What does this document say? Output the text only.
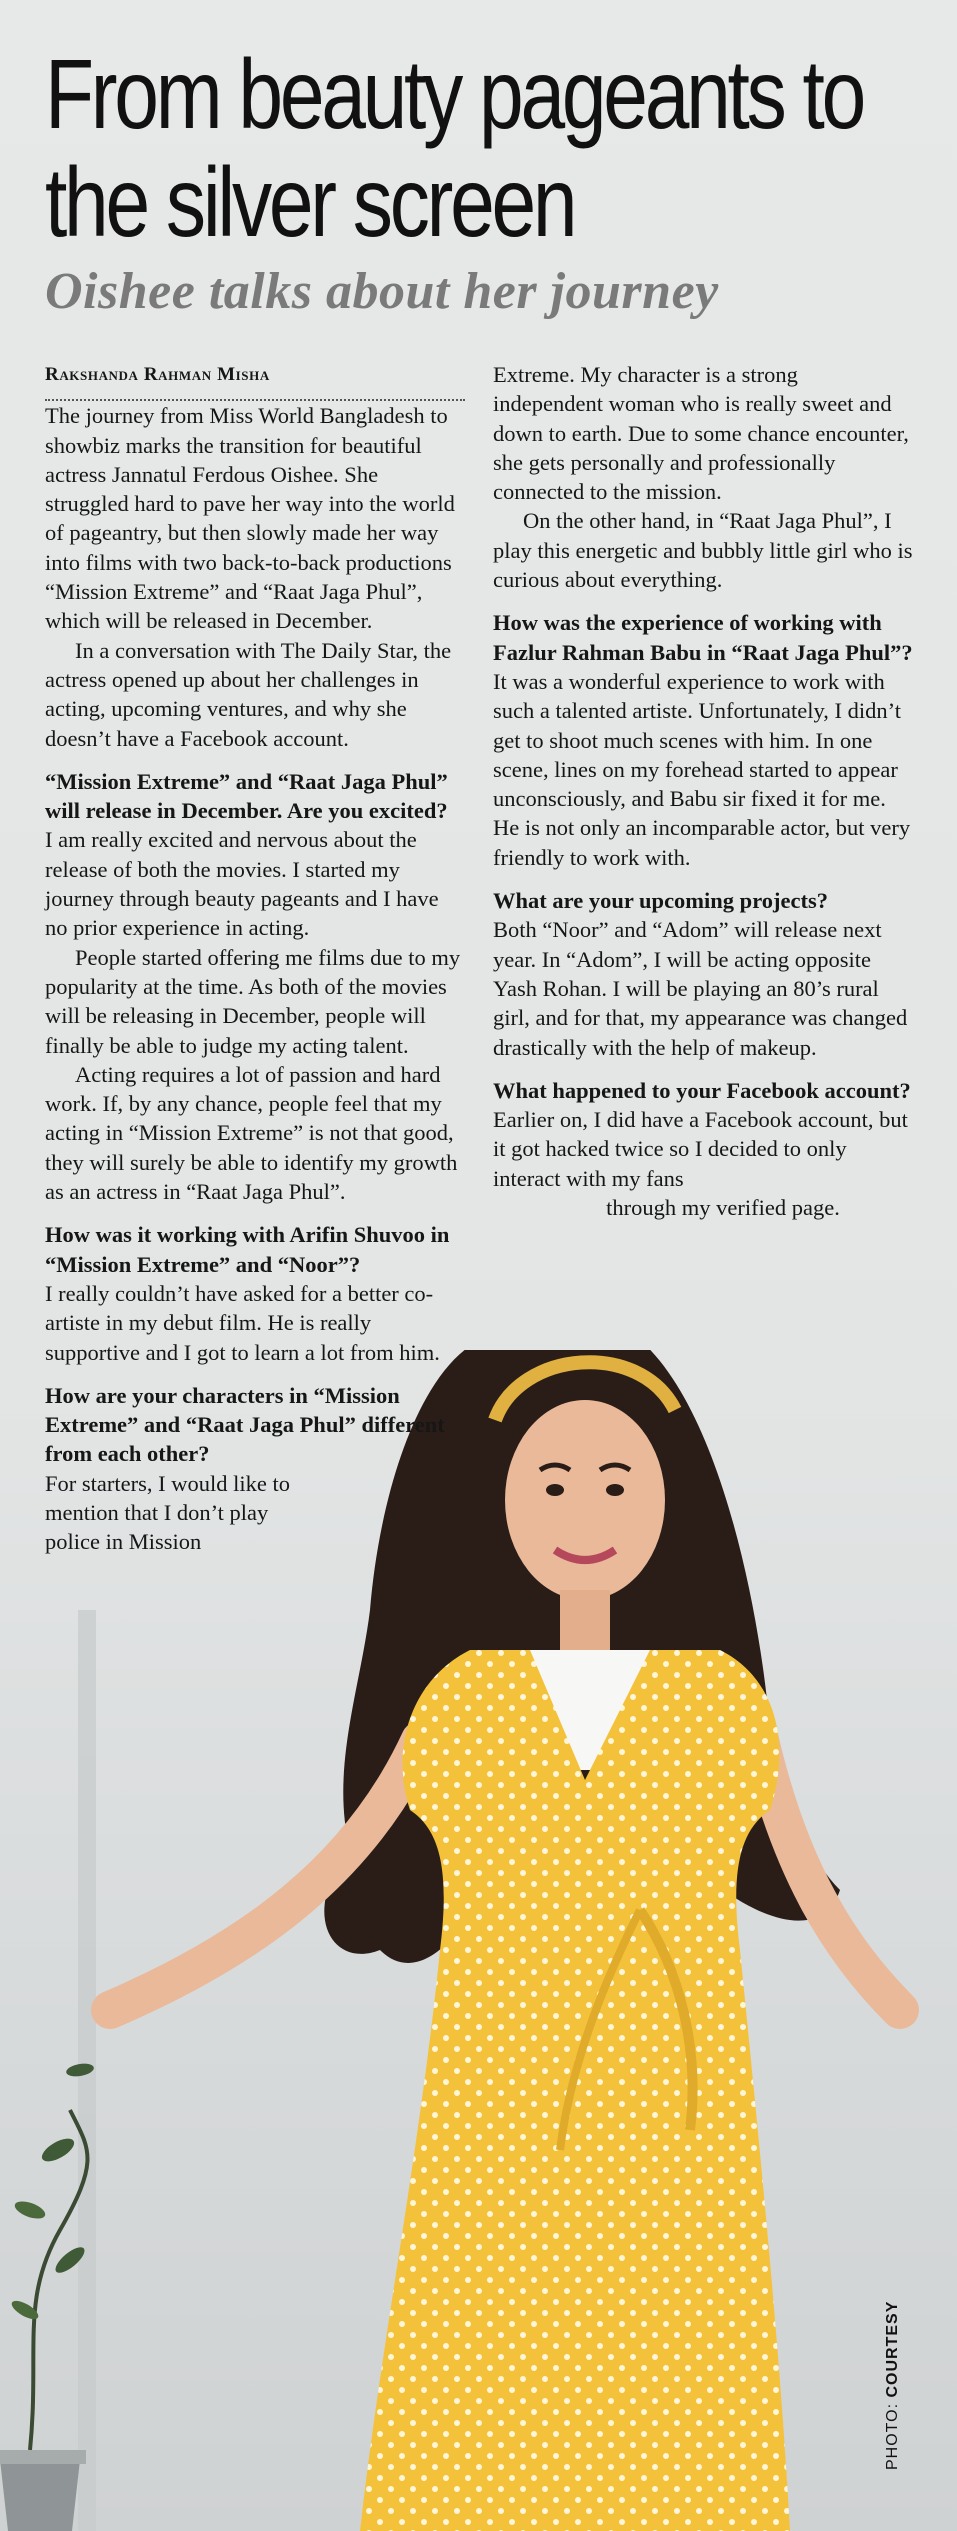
From beauty pageants to the silver screen
Oishee talks about her journey

Rakshanda Rahman Misha

The journey from Miss World Bangladesh to showbiz marks the transition for beautiful actress Jannatul Ferdous Oishee. She struggled hard to pave her way into the world of pageantry, but then slowly made her way into films with two back-to-back productions “Mission Extreme” and “Raat Jaga Phul”, which will be released in December.

In a conversation with The Daily Star, the actress opened up about her challenges in acting, upcoming ventures, and why she doesn’t have a Facebook account.

“Mission Extreme” and “Raat Jaga Phul” will release in December. Are you excited?

I am really excited and nervous about the release of both the movies. I started my journey through beauty pageants and I have no prior experience in acting.

People started offering me films due to my popularity at the time. As both of the movies will be releasing in December, people will finally be able to judge my acting talent.

Acting requires a lot of passion and hard work. If, by any chance, people feel that my acting in “Mission Extreme” is not that good, they will surely be able to identify my growth as an actress in “Raat Jaga Phul”.

How was it working with Arifin Shuvoo in “Mission Extreme” and “Noor”?

I really couldn’t have asked for a better co-artiste in my debut film. He is really supportive and I got to learn a lot from him.

How are your characters in “Mission Extreme” and “Raat Jaga Phul” different from each other?

For starters, I would like to mention that I don’t play police in Mission

Extreme. My character is a strong independent woman who is really sweet and down to earth. Due to some chance encounter, she gets personally and professionally connected to the mission.

On the other hand, in “Raat Jaga Phul”, I play this energetic and bubbly little girl who is curious about everything.

How was the experience of working with Fazlur Rahman Babu in “Raat Jaga Phul”?

It was a wonderful experience to work with such a talented artiste. Unfortunately, I didn’t get to shoot much scenes with him. In one scene, lines on my forehead started to appear unconsciously, and Babu sir fixed it for me. He is not only an incomparable actor, but very friendly to work with.

What are your upcoming projects?

Both “Noor” and “Adom” will release next year. In “Adom”, I will be acting opposite Yash Rohan. I will be playing an 80’s rural girl, and for that, my appearance was changed drastically with the help of makeup.

What happened to your Facebook account?

Earlier on, I did have a Facebook account, but it got hacked twice so I decided to only interact with my fans

through my verified page.

PHOTO: COURTESY
